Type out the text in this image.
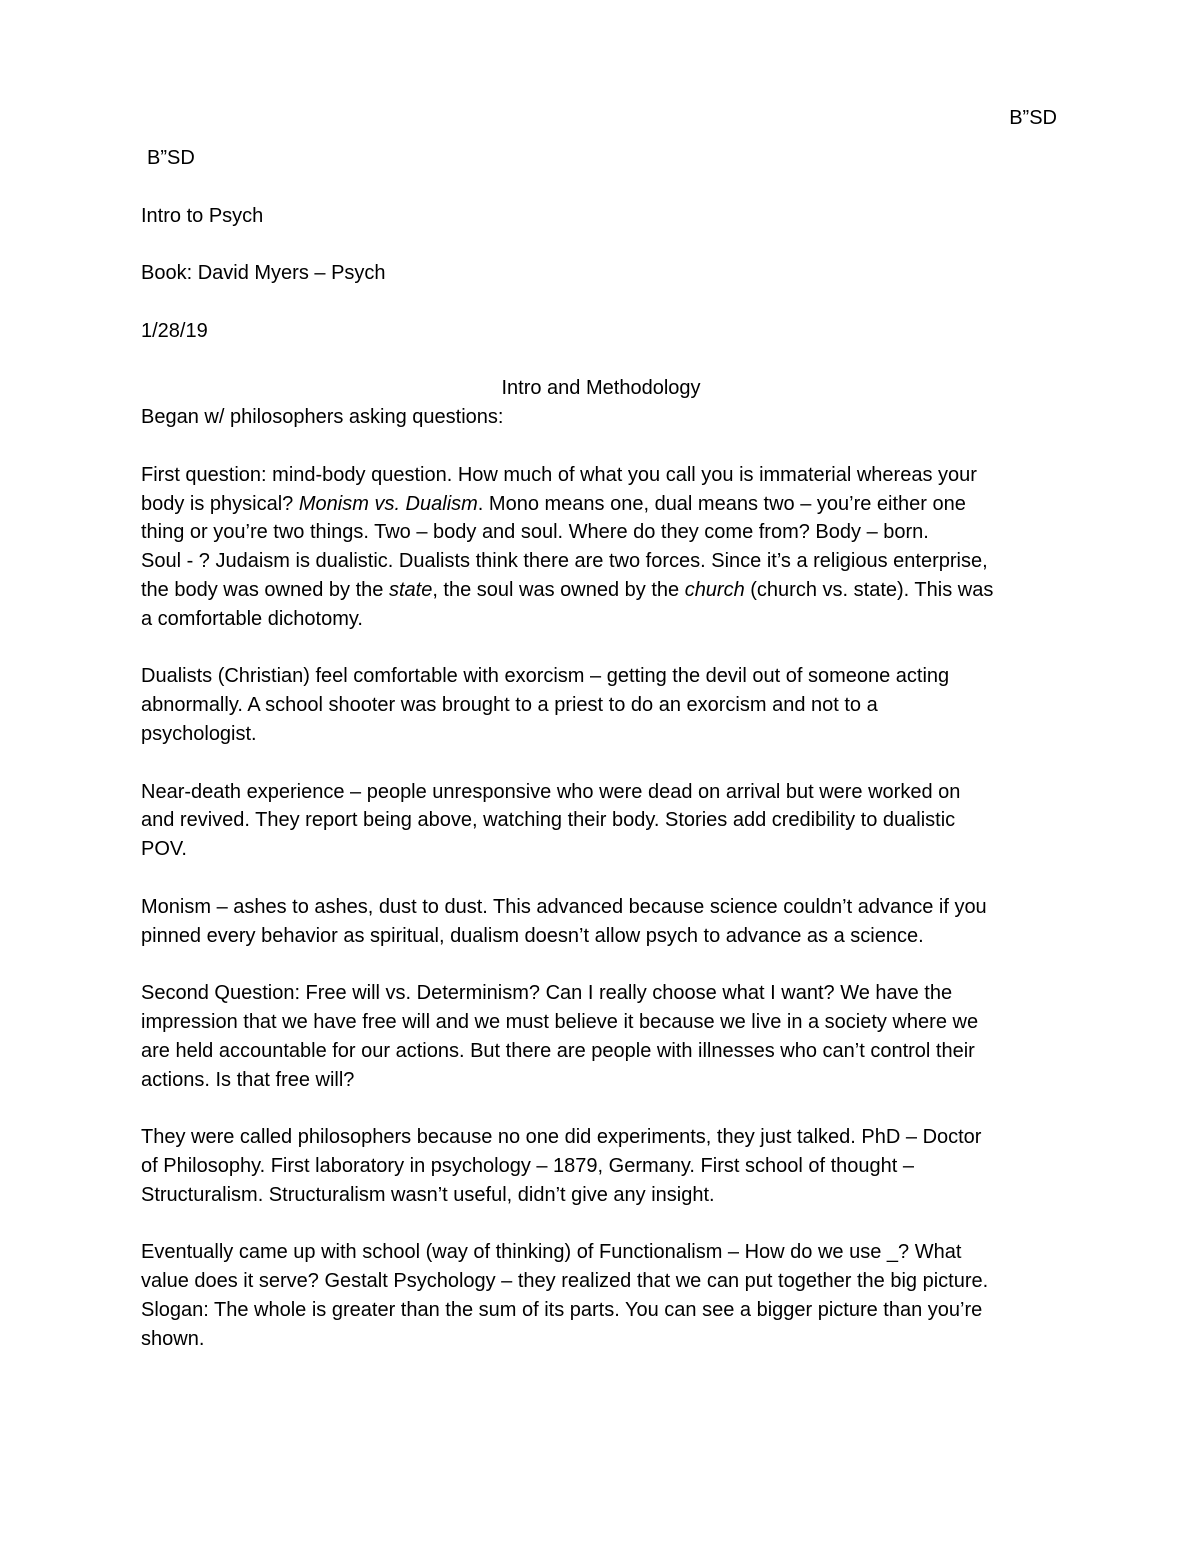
B”SD

B”SD

Intro to Psych

Book: David Myers – Psych

1/28/19

Intro and Methodology

Began w/ philosophers asking questions:

First question: mind-body question. How much of what you call you is immaterial whereas your

body is physical? Monism vs. Dualism. Mono means one, dual means two – you’re either one

thing or you’re two things. Two – body and soul. Where do they come from? Body – born.

Soul - ? Judaism is dualistic. Dualists think there are two forces. Since it’s a religious enterprise,

the body was owned by the state, the soul was owned by the church (church vs. state). This was

a comfortable dichotomy.

Dualists (Christian) feel comfortable with exorcism – getting the devil out of someone acting

abnormally. A school shooter was brought to a priest to do an exorcism and not to a

psychologist.

Near-death experience – people unresponsive who were dead on arrival but were worked on

and revived. They report being above, watching their body. Stories add credibility to dualistic

POV.

Monism – ashes to ashes, dust to dust. This advanced because science couldn’t advance if you

pinned every behavior as spiritual, dualism doesn’t allow psych to advance as a science.

Second Question: Free will vs. Determinism? Can I really choose what I want? We have the

impression that we have free will and we must believe it because we live in a society where we

are held accountable for our actions. But there are people with illnesses who can’t control their

actions. Is that free will?

They were called philosophers because no one did experiments, they just talked. PhD – Doctor

of Philosophy. First laboratory in psychology – 1879, Germany. First school of thought –

Structuralism. Structuralism wasn’t useful, didn’t give any insight.

Eventually came up with school (way of thinking) of Functionalism – How do we use _? What

value does it serve? Gestalt Psychology – they realized that we can put together the big picture.

Slogan: The whole is greater than the sum of its parts. You can see a bigger picture than you’re

shown.
